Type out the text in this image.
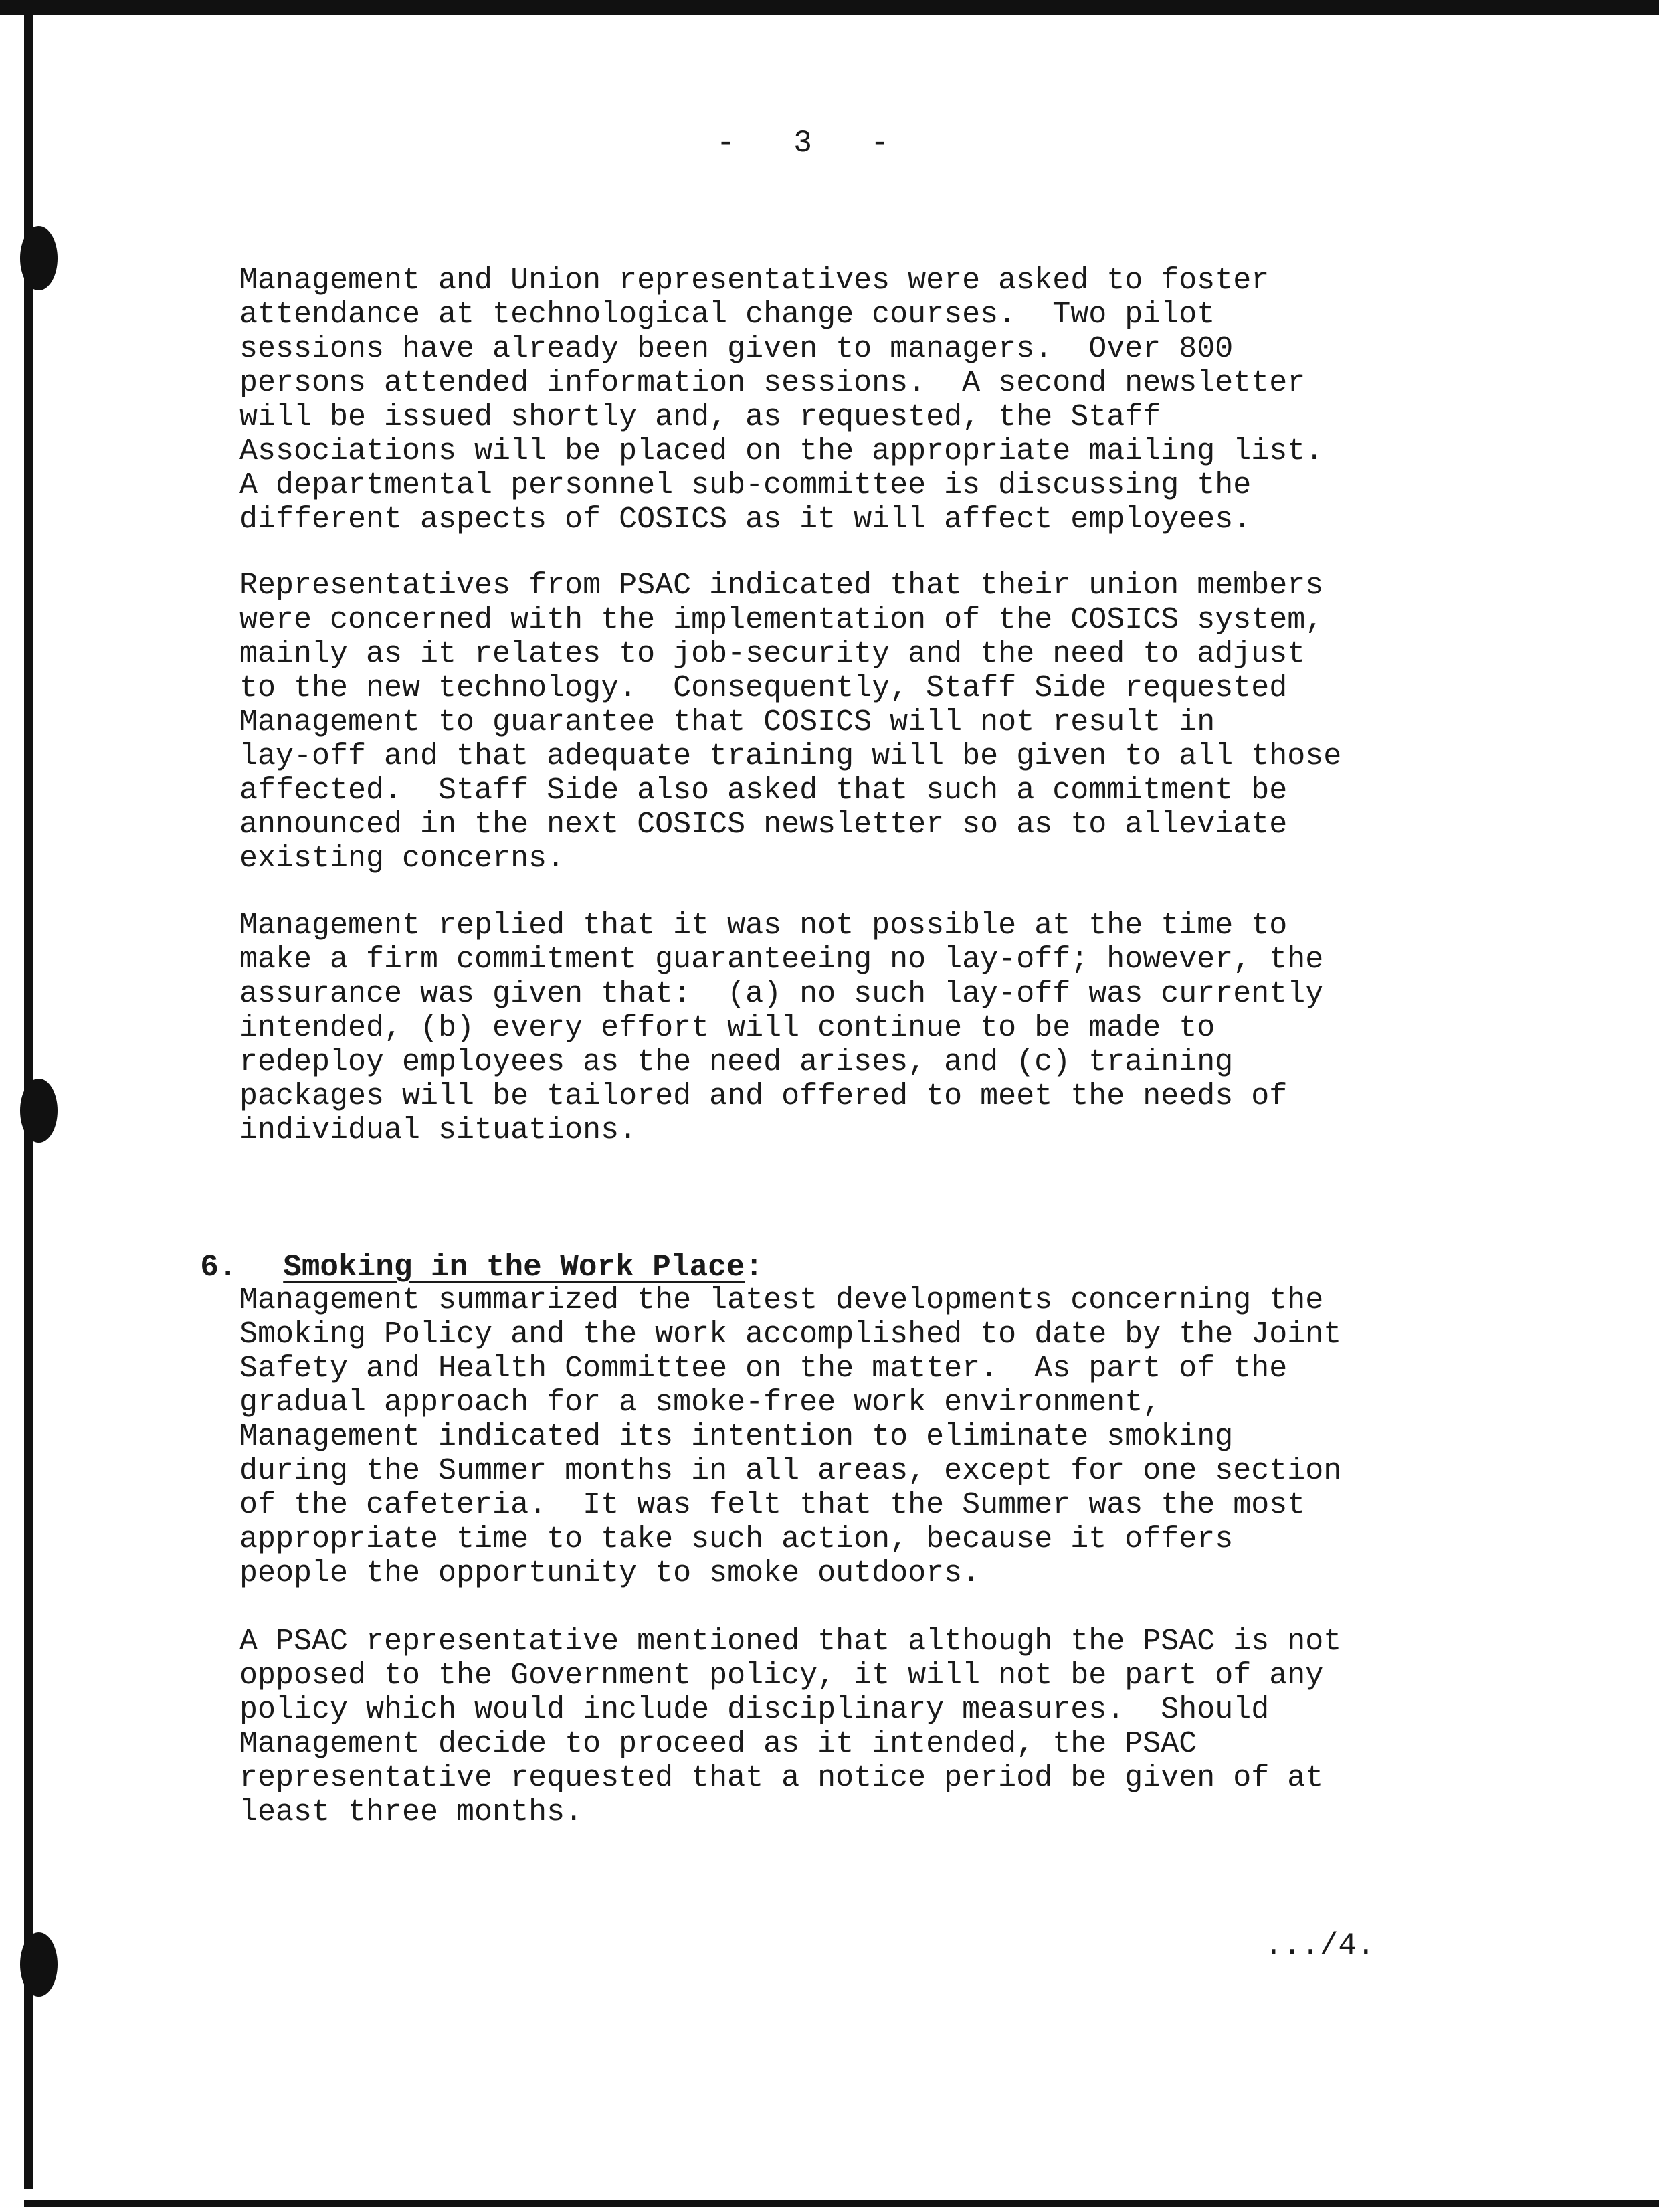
- 3 -

Management and Union representatives were asked to foster
attendance at technological change courses.  Two pilot
sessions have already been given to managers.  Over 800
persons attended information sessions.  A second newsletter
will be issued shortly and, as requested, the Staff
Associations will be placed on the appropriate mailing list.
A departmental personnel sub-committee is discussing the
different aspects of COSICS as it will affect employees.

Representatives from PSAC indicated that their union members
were concerned with the implementation of the COSICS system,
mainly as it relates to job-security and the need to adjust
to the new technology.  Consequently, Staff Side requested
Management to guarantee that COSICS will not result in
lay-off and that adequate training will be given to all those
affected.  Staff Side also asked that such a commitment be
announced in the next COSICS newsletter so as to alleviate
existing concerns.

Management replied that it was not possible at the time to
make a firm commitment guaranteeing no lay-off; however, the
assurance was given that:  (a) no such lay-off was currently
intended, (b) every effort will continue to be made to
redeploy employees as the need arises, and (c) training
packages will be tailored and offered to meet the needs of
individual situations.

6. Smoking in the Work Place:

Management summarized the latest developments concerning the
Smoking Policy and the work accomplished to date by the Joint
Safety and Health Committee on the matter.  As part of the
gradual approach for a smoke-free work environment,
Management indicated its intention to eliminate smoking
during the Summer months in all areas, except for one section
of the cafeteria.  It was felt that the Summer was the most
appropriate time to take such action, because it offers
people the opportunity to smoke outdoors.

A PSAC representative mentioned that although the PSAC is not
opposed to the Government policy, it will not be part of any
policy which would include disciplinary measures.  Should
Management decide to proceed as it intended, the PSAC
representative requested that a notice period be given of at
least three months.

.../4.
